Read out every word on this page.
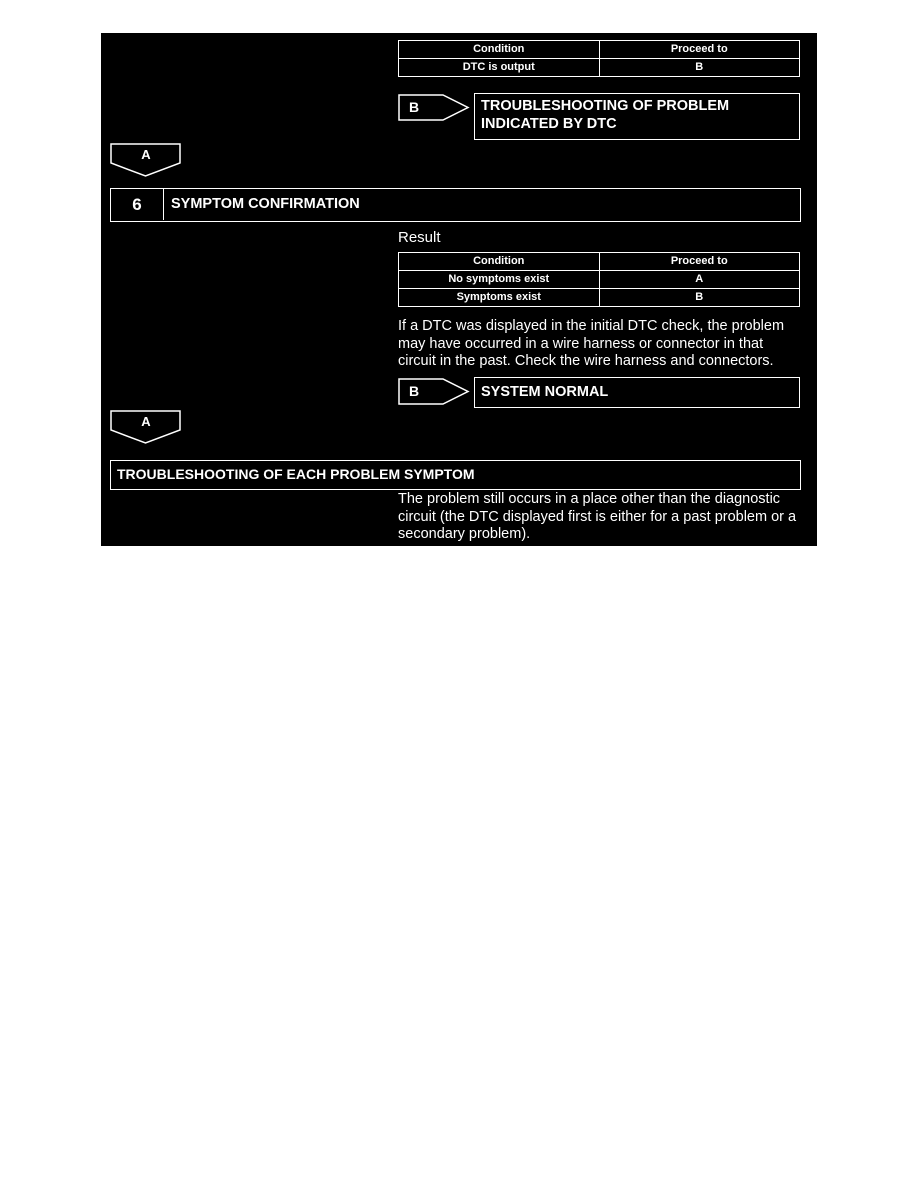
Condition	Proceed to
DTC is output	B
B	TROUBLESHOOTING OF PROBLEM INDICATED BY DTC
A
6	SYMPTOM CONFIRMATION
Result
Condition	Proceed to
No symptoms exist	A
Symptoms exist	B
If a DTC was displayed in the initial DTC check, the problem may have occurred in a wire harness or connector in that circuit in the past. Check the wire harness and connectors.
B	SYSTEM NORMAL
A
TROUBLESHOOTING OF EACH PROBLEM SYMPTOM
The problem still occurs in a place other than the diagnostic circuit (the DTC displayed first is either for a past problem or a secondary problem).
